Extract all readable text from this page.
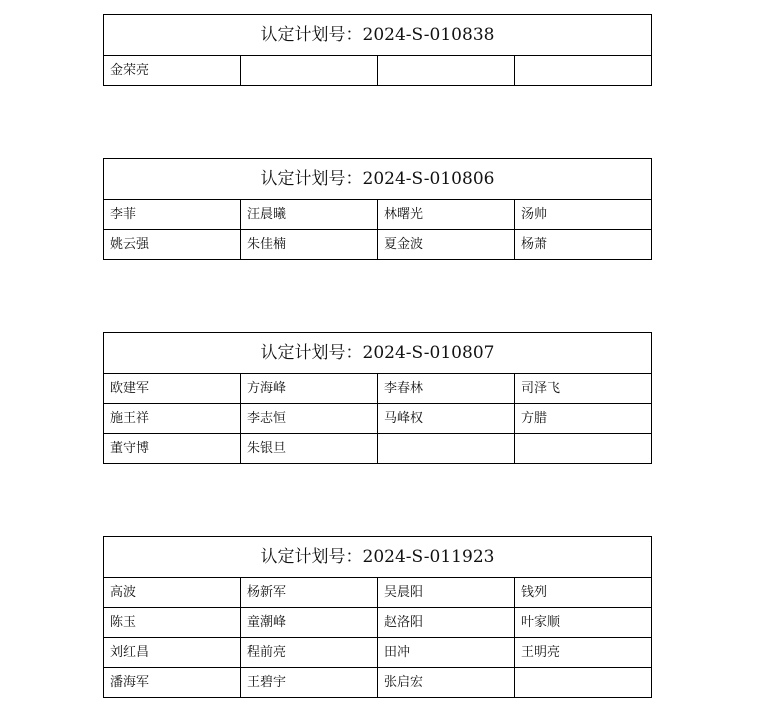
认定计划号：2024-S-010838
金荣亮			
认定计划号：2024-S-010806			
李菲	汪晨曦	林曙光	汤帅
姚云强	朱佳楠	夏金波	杨萧
认定计划号：2024-S-010807			
欧建军	方海峰	李春林	司泽飞
施王祥	李志恒	马峰权	方腊
董守博	朱银旦		
认定计划号：2024-S-011923			
高波	杨新军	吴晨阳	钱列
陈玉	童潮峰	赵洛阳	叶家顺
刘红昌	程前亮	田冲	王明亮
潘海军	王碧宇	张启宏	
